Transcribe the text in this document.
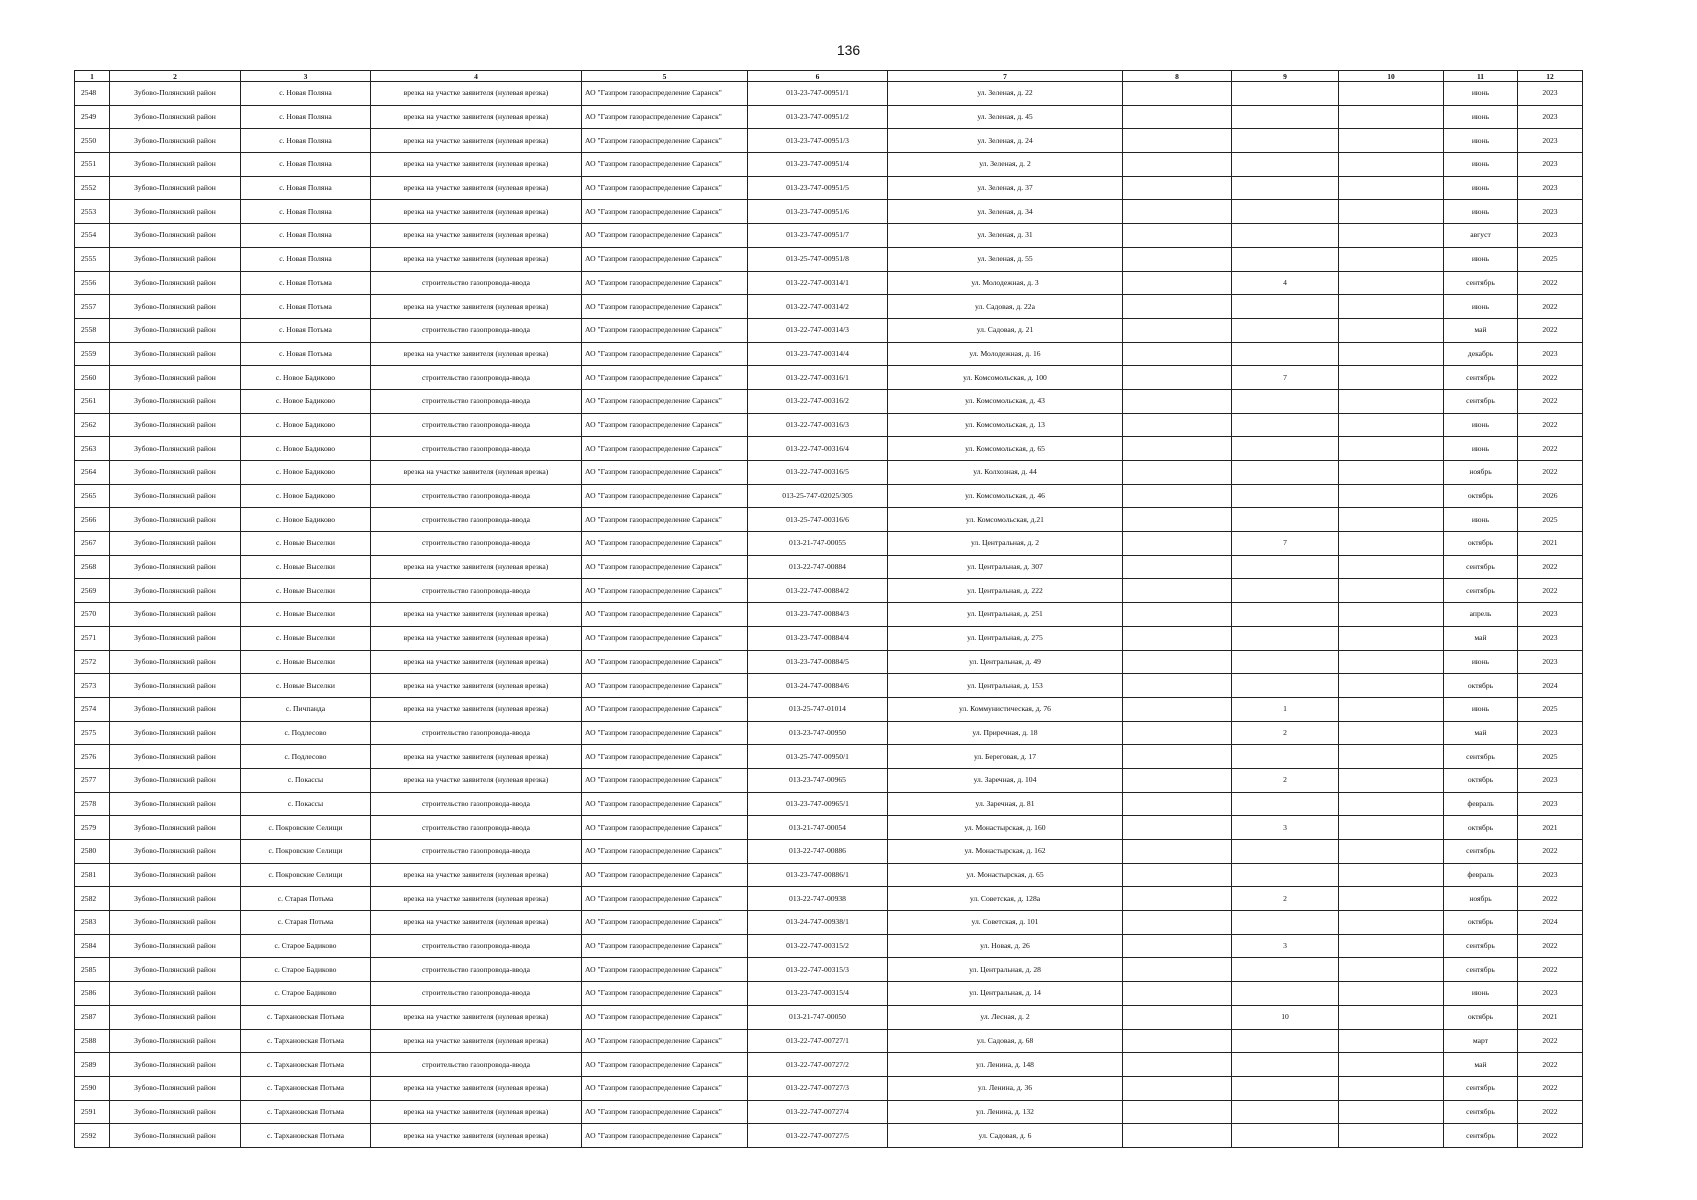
136
1	2	3	4	5	6	7	8	9	10	11	12
2548	Зубово-Полянский район	с. Новая Поляна	врезка на участке заявителя (нулевая врезка)	АО "Газпром газораспределение Саранск"	013-23-747-00951/1	ул. Зеленая, д. 22				июнь	2023
2549	Зубово-Полянский район	с. Новая Поляна	врезка на участке заявителя (нулевая врезка)	АО "Газпром газораспределение Саранск"	013-23-747-00951/2	ул. Зеленая, д. 45				июнь	2023
2550	Зубово-Полянский район	с. Новая Поляна	врезка на участке заявителя (нулевая врезка)	АО "Газпром газораспределение Саранск"	013-23-747-00951/3	ул. Зеленая, д. 24				июнь	2023
2551	Зубово-Полянский район	с. Новая Поляна	врезка на участке заявителя (нулевая врезка)	АО "Газпром газораспределение Саранск"	013-23-747-00951/4	ул. Зеленая, д. 2				июнь	2023
2552	Зубово-Полянский район	с. Новая Поляна	врезка на участке заявителя (нулевая врезка)	АО "Газпром газораспределение Саранск"	013-23-747-00951/5	ул. Зеленая, д. 37				июнь	2023
2553	Зубово-Полянский район	с. Новая Поляна	врезка на участке заявителя (нулевая врезка)	АО "Газпром газораспределение Саранск"	013-23-747-00951/6	ул. Зеленая, д. 34				июнь	2023
2554	Зубово-Полянский район	с. Новая Поляна	врезка на участке заявителя (нулевая врезка)	АО "Газпром газораспределение Саранск"	013-23-747-00951/7	ул. Зеленая, д. 31				август	2023
2555	Зубово-Полянский район	с. Новая Поляна	врезка на участке заявителя (нулевая врезка)	АО "Газпром газораспределение Саранск"	013-25-747-00951/8	ул. Зеленая, д. 55				июнь	2025
2556	Зубово-Полянский район	с. Новая Потьма	строительство газопровода-ввода	АО "Газпром газораспределение Саранск"	013-22-747-00314/1	ул. Молодежная, д. 3		4		сентябрь	2022
2557	Зубово-Полянский район	с. Новая Потьма	врезка на участке заявителя (нулевая врезка)	АО "Газпром газораспределение Саранск"	013-22-747-00314/2	ул. Садовая, д. 22а				июнь	2022
2558	Зубово-Полянский район	с. Новая Потьма	строительство газопровода-ввода	АО "Газпром газораспределение Саранск"	013-22-747-00314/3	ул. Садовая, д. 21				май	2022
2559	Зубово-Полянский район	с. Новая Потьма	врезка на участке заявителя (нулевая врезка)	АО "Газпром газораспределение Саранск"	013-23-747-00314/4	ул. Молодежная, д. 16				декабрь	2023
2560	Зубово-Полянский район	с. Новое Бадиково	строительство газопровода-ввода	АО "Газпром газораспределение Саранск"	013-22-747-00316/1	ул. Комсомольская, д. 100		7		сентябрь	2022
2561	Зубово-Полянский район	с. Новое Бадиково	строительство газопровода-ввода	АО "Газпром газораспределение Саранск"	013-22-747-00316/2	ул. Комсомольская, д. 43				сентябрь	2022
2562	Зубово-Полянский район	с. Новое Бадиково	строительство газопровода-ввода	АО "Газпром газораспределение Саранск"	013-22-747-00316/3	ул. Комсомольская, д. 13				июнь	2022
2563	Зубово-Полянский район	с. Новое Бадиково	строительство газопровода-ввода	АО "Газпром газораспределение Саранск"	013-22-747-00316/4	ул. Комсомольская, д. 65				июнь	2022
2564	Зубово-Полянский район	с. Новое Бадиково	врезка на участке заявителя (нулевая врезка)	АО "Газпром газораспределение Саранск"	013-22-747-00316/5	ул. Колхозная, д. 44				ноябрь	2022
2565	Зубово-Полянский район	с. Новое Бадиково	строительство газопровода-ввода	АО "Газпром газораспределение Саранск"	013-25-747-02025/305	ул. Комсомольская, д. 46				октябрь	2026
2566	Зубово-Полянский район	с. Новое Бадиково	строительство газопровода-ввода	АО "Газпром газораспределение Саранск"	013-25-747-00316/6	ул. Комсомольская, д.21				июнь	2025
2567	Зубово-Полянский район	с. Новые Выселки	строительство газопровода-ввода	АО "Газпром газораспределение Саранск"	013-21-747-00055	ул. Центральная, д. 2		7		октябрь	2021
2568	Зубово-Полянский район	с. Новые Выселки	врезка на участке заявителя (нулевая врезка)	АО "Газпром газораспределение Саранск"	013-22-747-00884	ул. Центральная, д. 307				сентябрь	2022
2569	Зубово-Полянский район	с. Новые Выселки	строительство газопровода-ввода	АО "Газпром газораспределение Саранск"	013-22-747-00884/2	ул. Центральная, д. 222				сентябрь	2022
2570	Зубово-Полянский район	с. Новые Выселки	врезка на участке заявителя (нулевая врезка)	АО "Газпром газораспределение Саранск"	013-23-747-00884/3	ул. Центральная, д. 251				апрель	2023
2571	Зубово-Полянский район	с. Новые Выселки	врезка на участке заявителя (нулевая врезка)	АО "Газпром газораспределение Саранск"	013-23-747-00884/4	ул. Центральная, д. 275				май	2023
2572	Зубово-Полянский район	с. Новые Выселки	врезка на участке заявителя (нулевая врезка)	АО "Газпром газораспределение Саранск"	013-23-747-00884/5	ул. Центральная, д. 49				июнь	2023
2573	Зубово-Полянский район	с. Новые Выселки	врезка на участке заявителя (нулевая врезка)	АО "Газпром газораспределение Саранск"	013-24-747-00884/6	ул. Центральная, д. 153				октябрь	2024
2574	Зубово-Полянский район	с. Пичпанда	врезка на участке заявителя (нулевая врезка)	АО "Газпром газораспределение Саранск"	013-25-747-01014	ул. Коммунистическая, д. 76		1		июнь	2025
2575	Зубово-Полянский район	с. Подлесово	строительство газопровода-ввода	АО "Газпром газораспределение Саранск"	013-23-747-00950	ул. Приречная, д. 18		2		май	2023
2576	Зубово-Полянский район	с. Подлесово	врезка на участке заявителя (нулевая врезка)	АО "Газпром газораспределение Саранск"	013-25-747-00950/1	ул. Береговая, д. 17				сентябрь	2025
2577	Зубово-Полянский район	с. Покассы	врезка на участке заявителя (нулевая врезка)	АО "Газпром газораспределение Саранск"	013-23-747-00965	ул. Заречная, д. 104		2		октябрь	2023
2578	Зубово-Полянский район	с. Покассы	строительство газопровода-ввода	АО "Газпром газораспределение Саранск"	013-23-747-00965/1	ул. Заречная, д. 81				февраль	2023
2579	Зубово-Полянский район	с. Покровские Селищи	строительство газопровода-ввода	АО "Газпром газораспределение Саранск"	013-21-747-00054	ул. Монастырская, д. 160		3		октябрь	2021
2580	Зубово-Полянский район	с. Покровские Селищи	строительство газопровода-ввода	АО "Газпром газораспределение Саранск"	013-22-747-00886	ул. Монастырская, д. 162				сентябрь	2022
2581	Зубово-Полянский район	с. Покровские Селищи	врезка на участке заявителя (нулевая врезка)	АО "Газпром газораспределение Саранск"	013-23-747-00886/1	ул. Монастырская, д. 65				февраль	2023
2582	Зубово-Полянский район	с. Старая Потьма	врезка на участке заявителя (нулевая врезка)	АО "Газпром газораспределение Саранск"	013-22-747-00938	ул. Советская, д. 128а		2		ноябрь	2022
2583	Зубово-Полянский район	с. Старая Потьма	врезка на участке заявителя (нулевая врезка)	АО "Газпром газораспределение Саранск"	013-24-747-00938/1	ул. Советская, д. 101				октябрь	2024
2584	Зубово-Полянский район	с. Старое Бадиково	строительство газопровода-ввода	АО "Газпром газораспределение Саранск"	013-22-747-00315/2	ул. Новая, д. 26		3		сентябрь	2022
2585	Зубово-Полянский район	с. Старое Бадиково	строительство газопровода-ввода	АО "Газпром газораспределение Саранск"	013-22-747-00315/3	ул. Центральная, д. 28				сентябрь	2022
2586	Зубово-Полянский район	с. Старое Бадиково	строительство газопровода-ввода	АО "Газпром газораспределение Саранск"	013-23-747-00315/4	ул. Центральная, д. 14				июнь	2023
2587	Зубово-Полянский район	с. Тархановская Потьма	врезка на участке заявителя (нулевая врезка)	АО "Газпром газораспределение Саранск"	013-21-747-00050	ул. Лесная, д. 2		10		октябрь	2021
2588	Зубово-Полянский район	с. Тархановская Потьма	врезка на участке заявителя (нулевая врезка)	АО "Газпром газораспределение Саранск"	013-22-747-00727/1	ул. Садовая, д. 68				март	2022
2589	Зубово-Полянский район	с. Тархановская Потьма	строительство газопровода-ввода	АО "Газпром газораспределение Саранск"	013-22-747-00727/2	ул. Ленина, д. 148				май	2022
2590	Зубово-Полянский район	с. Тархановская Потьма	врезка на участке заявителя (нулевая врезка)	АО "Газпром газораспределение Саранск"	013-22-747-00727/3	ул. Ленина, д. 36				сентябрь	2022
2591	Зубово-Полянский район	с. Тархановская Потьма	врезка на участке заявителя (нулевая врезка)	АО "Газпром газораспределение Саранск"	013-22-747-00727/4	ул. Ленина, д. 132				сентябрь	2022
2592	Зубово-Полянский район	с. Тархановская Потьма	врезка на участке заявителя (нулевая врезка)	АО "Газпром газораспределение Саранск"	013-22-747-00727/5	ул. Садовая, д. 6				сентябрь	2022
